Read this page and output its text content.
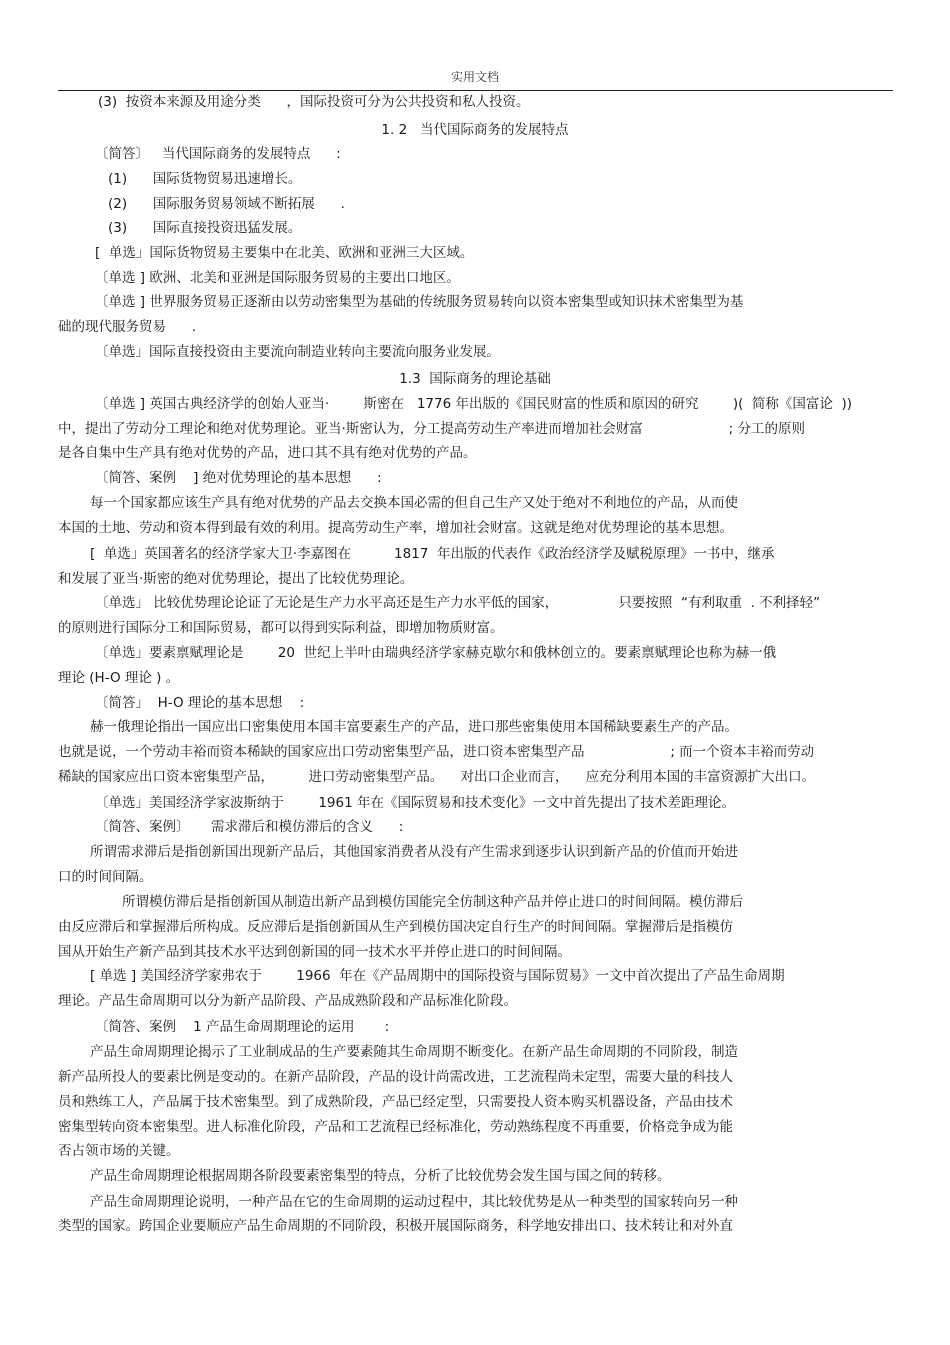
实用文档
(3)  按资本来源及用途分类      ，国际投资可分为公共投资和私人投资。
1. 2   当代国际商务的发展特点
〔简答〕   当代国际商务的发展特点      :
(1)      国际货物贸易迅速增长。
(2)      国际服务贸易领域不断拓展      .
(3)      国际直接投资迅猛发展。
[  单选」国际货物贸易主要集中在北美、欧洲和亚洲三大区域。
〔单选 ] 欧洲、北美和亚洲是国际服务贸易的主要出口地区。
〔单选 ] 世界服务贸易正逐渐由以劳动密集型为基础的传统服务贸易转向以资本密集型或知识抹术密集型为基
础的现代服务贸易      .
〔单选」国际直接投资由主要流向制造业转向主要流向服务业发展。
1.3  国际商务的理论基础
〔单选 ] 英国古典经济学的创始人亚当·        斯密在   1776 年出版的《国民财富的性质和原因的研究        )(  简称《国富论  ))
中，提出了劳动分工理论和绝对优势理论。亚当·斯密认为，分工提高劳动生产率进而增加社会财富                    ; 分工的原则
是各自集中生产具有绝对优势的产品，进口其不具有绝对优势的产品。
〔简答、案例    ] 绝对优势理论的基本思想      :
每一个国家都应该生产具有绝对优势的产品去交换本国必需的但自己生产又处于绝对不利地位的产品，从而使
本国的土地、劳动和资本得到最有效的利用。提高劳动生产率，增加社会财富。这就是绝对优势理论的基本思想。
[  单选」英国著名的经济学家大卫·李嘉图在          1817  年出版的代表作《政治经济学及赋税原理》一书中，继承
和发展了亚当·斯密的绝对优势理论，提出了比较优势理论。
〔单选」 比较优势理论论证了无论是生产力水平高还是生产力水平低的国家，              只要按照  “有利取重  . 不利择轻”
的原则进行国际分工和国际贸易，都可以得到实际利益，即增加物质财富。
〔单选」要素禀赋理论是        20  世纪上半叶由瑞典经济学家赫克歇尔和俄林创立的。要素禀赋理论也称为赫一俄
理论 (H-O 理论 ) 。
〔简答」  H-O 理论的基本思想    :
赫一俄理论指出一国应出口密集使用本国丰富要素生产的产品，进口那些密集使用本国稀缺要素生产的产品。
也就是说，一个劳动丰裕而资本稀缺的国家应出口劳动密集型产品，进口资本密集型产品                    ; 而一个资本丰裕而劳动
稀缺的国家应出口资本密集型产品，        进口劳动密集型产品。    对出口企业而言，    应充分利用本国的丰富资源扩大出口。
〔单选」美国经济学家波斯纳于        1961 年在《国际贸易和技术变化》一文中首先提出了技术差距理论。
〔简答、案例〕     需求滞后和模仿滞后的含义      :
所谓需求滞后是指创新国出现新产品后，其他国家消费者从没有产生需求到逐步认识到新产品的价值而开始进
口的时间间隔。
所谓模仿滞后是指创新国从制造出新产品到模仿国能完全仿制这种产品并停止进口的时间间隔。模仿滞后
由反应滞后和掌握滞后所构成。反应滞后是指创新国从生产到模仿国决定自行生产的时间间隔。掌握滞后是指模仿
国从开始生产新产品到其技术水平达到创新国的同一技术水平并停止进口的时间间隔。
[ 单选 ] 美国经济学家弗农于        1966  年在《产品周期中的国际投资与国际贸易》一文中首次提出了产品生命周期
理论。产品生命周期可以分为新产品阶段、产品成熟阶段和产品标准化阶段。
〔简答、案例    1 产品生命周期理论的运用       :
产品生命周期理论揭示了工业制成品的生产要素随其生命周期不断变化。在新产品生命周期的不同阶段，制造
新产品所投人的要素比例是变动的。在新产品阶段，产品的设计尚需改进，工艺流程尚未定型，需要大量的科技人
员和熟练工人，产品属于技术密集型。到了成熟阶段，产品已经定型，只需要投人资本购买机器设备，产品由技术
密集型转向资本密集型。进人标准化阶段，产品和工艺流程已经标准化，劳动熟练程度不再重要，价格竞争成为能
否占领市场的关键。
产品生命周期理论根据周期各阶段要素密集型的特点，分析了比较优势会发生国与国之间的转移。
产品生命周期理论说明，一种产品在它的生命周期的运动过程中，其比较优势是从一种类型的国家转向另一种
类型的国家。跨国企业要顺应产品生命周期的不同阶段，积极开展国际商务，科学地安排出口、技术转让和对外直
